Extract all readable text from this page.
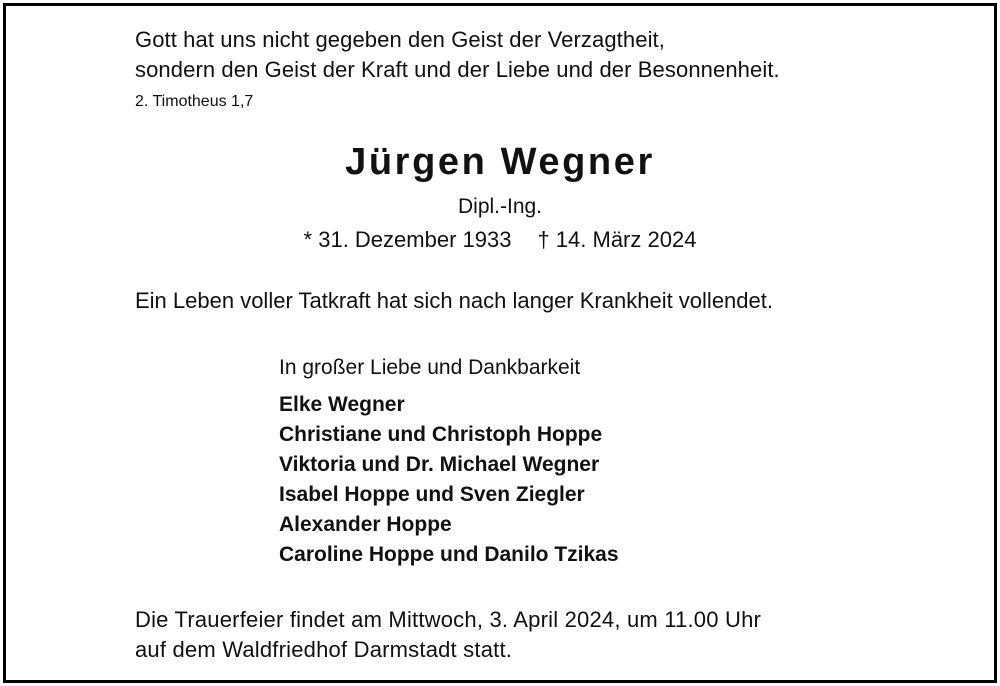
Gott hat uns nicht gegeben den Geist der Verzagtheit,
sondern den Geist der Kraft und der Liebe und der Besonnenheit.
2. Timotheus 1,7
Jürgen Wegner
Dipl.-Ing.
* 31. Dezember 1933 † 14. März 2024
Ein Leben voller Tatkraft hat sich nach langer Krankheit vollendet.
In großer Liebe und Dankbarkeit
Elke Wegner
Christiane und Christoph Hoppe
Viktoria und Dr. Michael Wegner
Isabel Hoppe und Sven Ziegler
Alexander Hoppe
Caroline Hoppe und Danilo Tzikas
Die Trauerfeier findet am Mittwoch, 3. April 2024, um 11.00 Uhr
auf dem Waldfriedhof Darmstadt statt.
